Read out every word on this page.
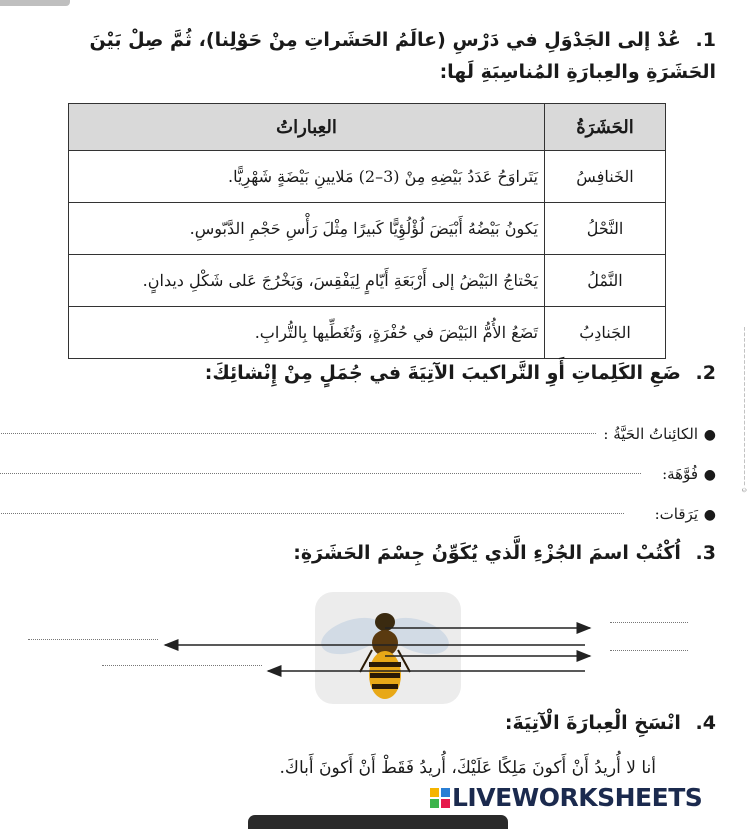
1. عُدْ إلى الجَدْوَلِ في دَرْسِ (عالَمُ الحَشَراتِ مِنْ حَوْلِنا)، ثُمَّ صِلْ بَيْنَ الحَشَرَةِ والعِبارَةِ المُناسِبَةِ لَها:
الحَشَرَةُ	العِباراتُ
الخَنافِسُ	يَتَراوَحُ عَدَدُ بَيْضِهِ مِنْ (3–2) مَلايينِ بَيْضَةٍ شَهْرِيًّا.
النَّحْلُ	يَكونُ بَيْضُهُ أَبْيَضَ لُؤْلُؤِيًّا كَبيرًا مِثْلَ رَأْسِ حَجْمِ الدَّبّوسِ.
النَّمْلُ	يَحْتاجُ البَيْضُ إلى أَرْبَعَةِ أَيّامٍ لِيَفْقِسَ، وَيَخْرُجَ عَلى شَكْلِ ديدانٍ.
الجَنادِبُ	تَضَعُ الأُمُّ البَيْضَ في حُفْرَةٍ، وَتُغَطِّيها بِالتُّرابِ.
2. ضَعِ الكَلِماتِ أَوِ التَّراكيبَ الآتِيَةَ في جُمَلٍ مِنْ إِنْشائِكَ:
●
الكائِناتُ الحَيَّةُ :
●
فُوَّهَة:
●
يَرَقات:
3. اُكْتُبْ اسمَ الجُزْءِ الَّذي يُكَوِّنُ جِسْمَ الحَشَرَةِ:
4. انْسَخِ الْعِبارَةَ الْآتِيَةَ:
أنا لا أُريدُ أَنْ أَكونَ مَلِكًا عَلَيْكَ، أُريدُ فَقَطْ أَنْ أَكونَ أَباكَ.
© ─ ─ ─ ─ ─ ─ ─ ─ ─ ─ ─ ─ ─ ─ ─ ─ ─ ─ ─ ─ ─ ─ ─ ─ ─ ─ ─ ─ ─
LIVEWORKSHEETS
